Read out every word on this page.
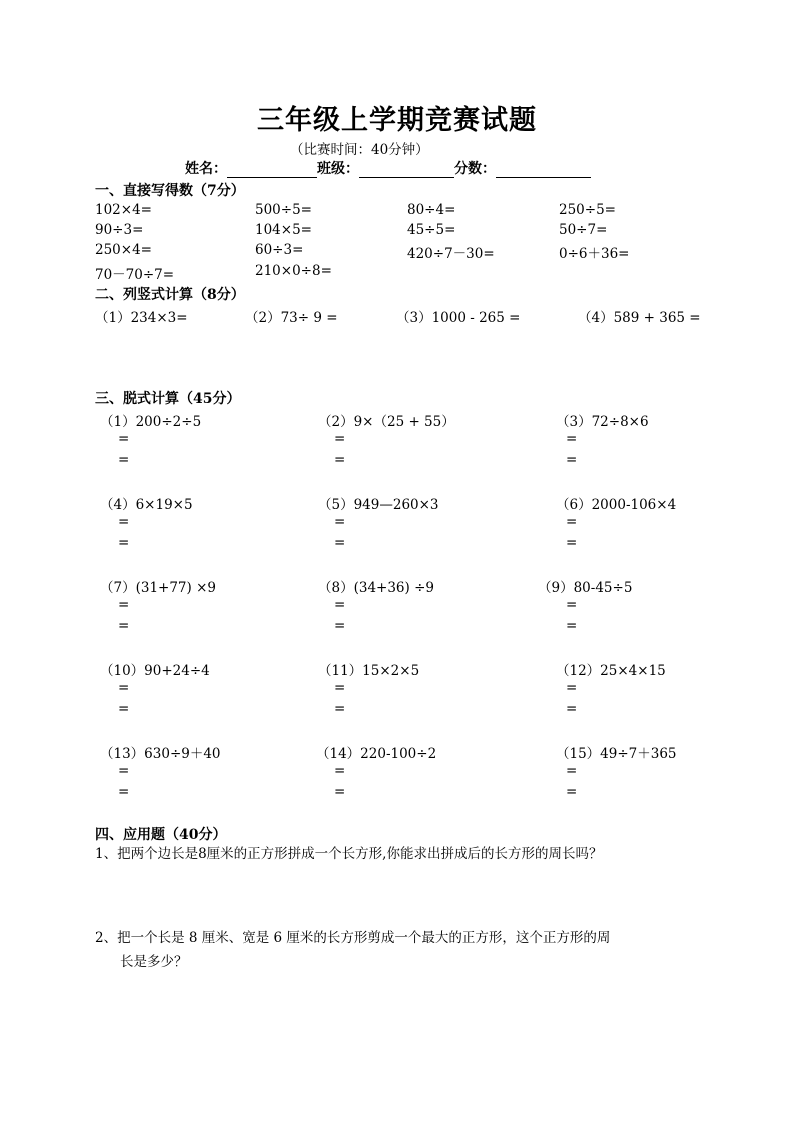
三年级上学期竞赛试题
（比赛时间：40分钟）
姓名：	班级：	分数：
一、直接写得数（7分）
102×4=	500÷5=	80÷4=	250÷5=
90÷3=	104×5=	45÷5=	50÷7=
250×4=	60÷3=	420÷7－30=	0÷6＋36=
70－70÷7=	210×0÷8=
二、列竖式计算（8分）
（1）234×3=	（2）73÷ 9 =	（3）1000 - 265 =	（4）589 + 365 =
三、脱式计算（45分）
（1）200÷2÷5	（2）9×（25 + 55）	（3）72÷8×6
=
=
=
=
=
=
（4）6×19×5	（5）949—260×3	（6）2000-106×4
=
=
=
=
=
=
（7）(31+77) ×9	（8）(34+36) ÷9	（9）80-45÷5
=
=
=
=
=
=
（10）90+24÷4	（11）15×2×5	（12）25×4×15
=
=
=
=
=
=
（13）630÷9＋40	（14）220-100÷2	（15）49÷7＋365
=
=
=
=
=
=
四、应用题（40分）
1、把两个边长是8厘米的正方形拼成一个长方形,你能求出拼成后的长方形的周长吗？
2、把一个长是 8 厘米、宽是 6 厘米的长方形剪成一个最大的正方形，这个正方形的周
长是多少？
